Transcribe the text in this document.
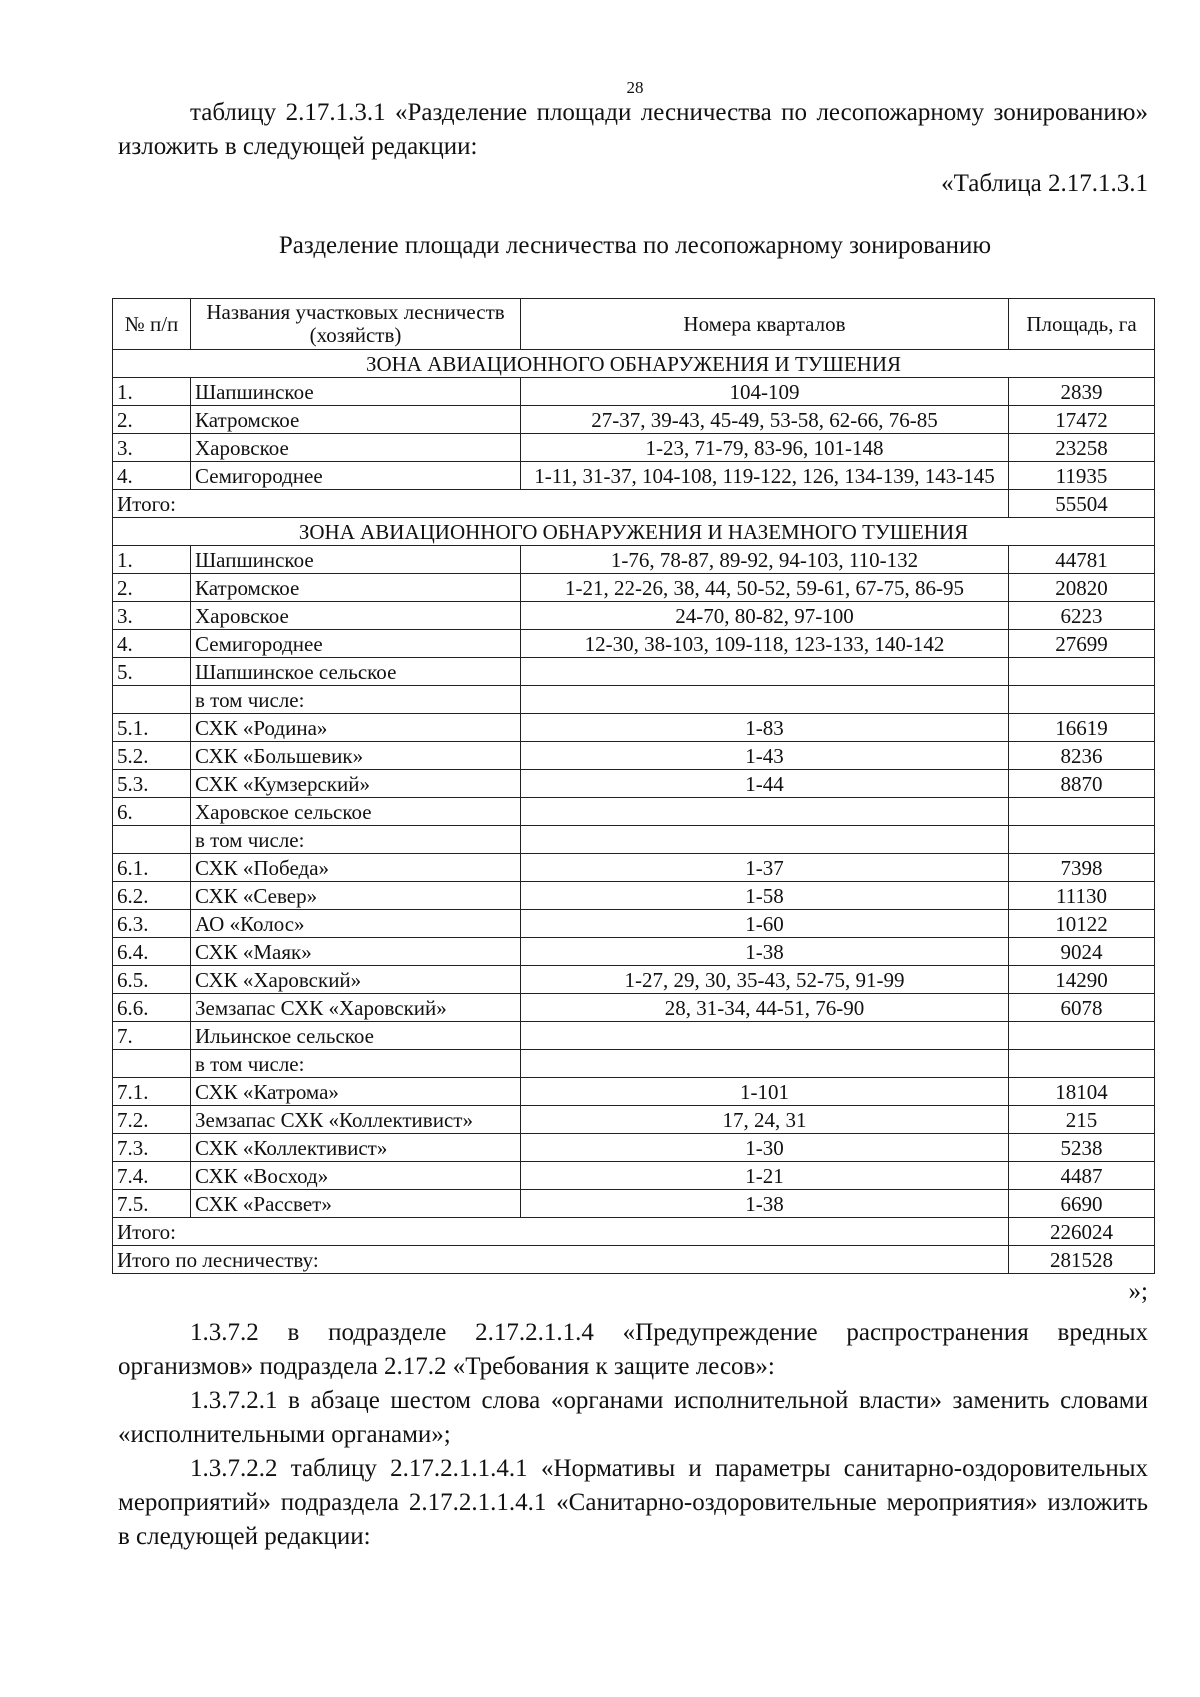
28
таблицу 2.17.1.3.1 «Разделение площади лесничества по лесопожарному зонированию» изложить в следующей редакции:
«Таблица 2.17.1.3.1
Разделение площади лесничества по лесопожарному зонированию
№ п/п	Названия участковых лесничеств (хозяйств)	Номера кварталов	Площадь, га
ЗОНА АВИАЦИОННОГО ОБНАРУЖЕНИЯ И ТУШЕНИЯ			
1.	Шапшинское	104-109	2839
2.	Катромское	27-37, 39-43, 45-49, 53-58, 62-66, 76-85	17472
3.	Харовское	1-23, 71-79, 83-96, 101-148	23258
4.	Семигороднее	1-11, 31-37, 104-108, 119-122, 126, 134-139, 143-145	11935
Итого:			55504
ЗОНА АВИАЦИОННОГО ОБНАРУЖЕНИЯ И НАЗЕМНОГО ТУШЕНИЯ			
1.	Шапшинское	1-76, 78-87, 89-92, 94-103, 110-132	44781
2.	Катромское	1-21, 22-26, 38, 44, 50-52, 59-61, 67-75, 86-95	20820
3.	Харовское	24-70, 80-82, 97-100	6223
4.	Семигороднее	12-30, 38-103, 109-118, 123-133, 140-142	27699
5.	Шапшинское сельское		
	в том числе:		
5.1.	СХК «Родина»	1-83	16619
5.2.	СХК «Большевик»	1-43	8236
5.3.	СХК «Кумзерский»	1-44	8870
6.	Харовское сельское		
	в том числе:		
6.1.	СХК «Победа»	1-37	7398
6.2.	СХК «Север»	1-58	11130
6.3.	АО «Колос»	1-60	10122
6.4.	СХК «Маяк»	1-38	9024
6.5.	СХК «Харовский»	1-27, 29, 30, 35-43, 52-75, 91-99	14290
6.6.	Земзапас СХК «Харовский»	28, 31-34, 44-51, 76-90	6078
7.	Ильинское сельское		
	в том числе:		
7.1.	СХК «Катрома»	1-101	18104
7.2.	Земзапас СХК «Коллективист»	17, 24, 31	215
7.3.	СХК «Коллективист»	1-30	5238
7.4.	СХК «Восход»	1-21	4487
7.5.	СХК «Рассвет»	1-38	6690
Итого:			226024
Итого по лесничеству:			281528
»;
1.3.7.2 в подразделе 2.17.2.1.1.4 «Предупреждение распространения вредных организмов» подраздела 2.17.2 «Требования к защите лесов»:
1.3.7.2.1 в абзаце шестом слова «органами исполнительной власти» заменить словами «исполнительными органами»;
1.3.7.2.2 таблицу 2.17.2.1.1.4.1 «Нормативы и параметры санитарно-оздоровительных мероприятий» подраздела 2.17.2.1.1.4.1 «Санитарно-оздоровительные мероприятия» изложить в следующей редакции:
